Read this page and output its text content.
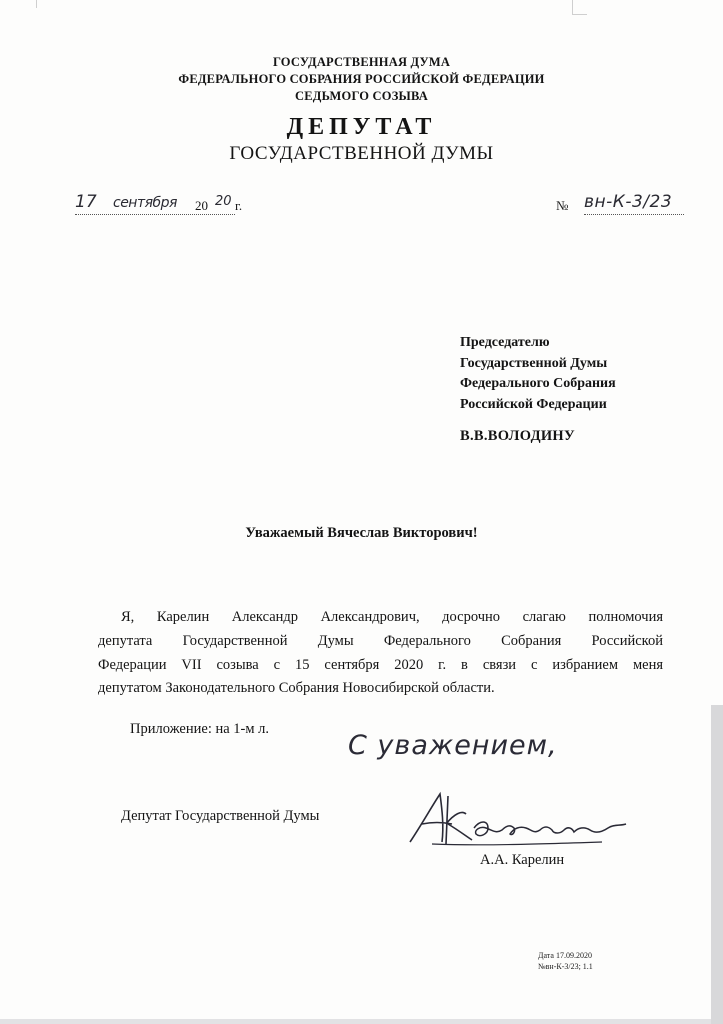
ГОСУДАРСТВЕННАЯ ДУМА
ФЕДЕРАЛЬНОГО СОБРАНИЯ РОССИЙСКОЙ ФЕДЕРАЦИИ
СЕДЬМОГО СОЗЫВА
ДЕПУТАТ
ГОСУДАРСТВЕННОЙ ДУМЫ
17 сентября 20 20 г.	№ вн-К-3/23
Председателю
Государственной Думы
Федерального Собрания
Российской Федерации
В.В.ВОЛОДИНУ
Уважаемый Вячеслав Викторович!
Я, Карелин Александр Александрович, досрочно слагаю полномочия
депутата Государственной Думы Федерального Собрания Российской
Федерации VII созыва с 15 сентября 2020 г. в связи с избранием меня
депутатом Законодательного Собрания Новосибирской области.
Приложение: на 1-м л.
С уважением,
Депутат Государственной Думы
А.А. Карелин
Дата 17.09.2020
№вн-К-3/23; 1.1
